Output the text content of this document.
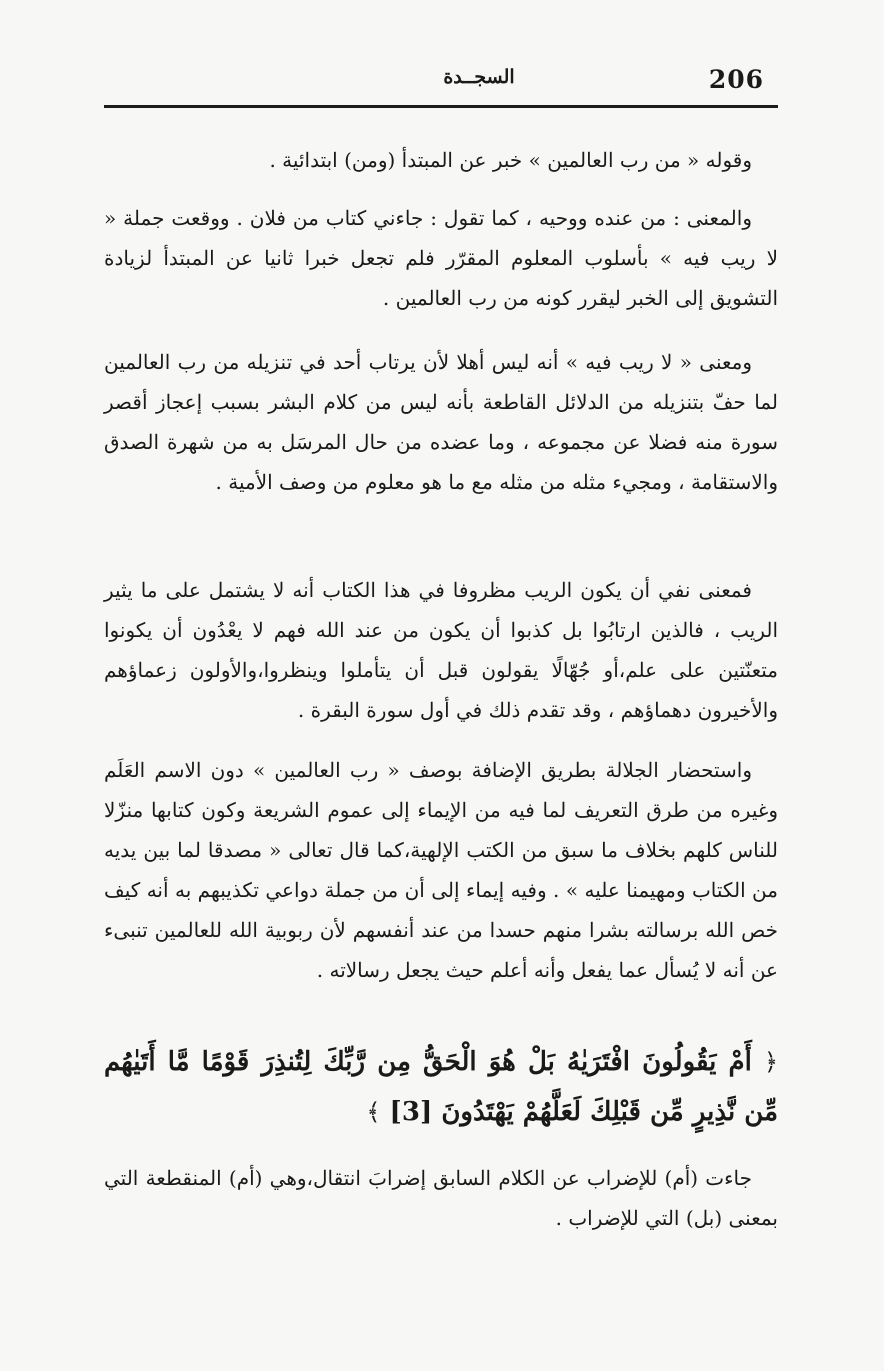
206
السجــدة

وقوله « من رب العالمين » خبر عن المبتدأ (ومن) ابتدائية .

والمعنى : من عنده ووحيه ، كما تقول : جاءني كتاب من فلان . ووقعت جملة « لا ريب فيه » بأسلوب المعلوم المقرّر فلم تجعل خبرا ثانيا عن المبتدأ لزيادة التشويق إلى الخبر ليقرر كونه من رب العالمين .

ومعنى « لا ريب فيه » أنه ليس أهلا لأن يرتاب أحد في تنزيله من رب العالمين لما حفّ بتنزيله من الدلائل القاطعة بأنه ليس من كلام البشر بسبب إعجاز أقصر سورة منه فضلا عن مجموعه ، وما عضده من حال المرسَل به من شهرة الصدق والاستقامة ، ومجيء مثله من مثله مع ما هو معلوم من وصف الأمية .

فمعنى نفي أن يكون الريب مظروفا في هذا الكتاب أنه لا يشتمل على ما يثير الريب ، فالذين ارتابُوا بل كذبوا أن يكون من عند الله فهم لا يعْدُون أن يكونوا متعنّتين على علم،أو جُهّالًا يقولون قبل أن يتأملوا وينظروا،والأولون زعماؤهم والأخيرون دهماؤهم ، وقد تقدم ذلك في أول سورة البقرة .

واستحضار الجلالة بطريق الإضافة بوصف « رب العالمين » دون الاسم العَلَم وغيره من طرق التعريف لما فيه من الإيماء إلى عموم الشريعة وكون كتابها منزّلا للناس كلهم بخلاف ما سبق من الكتب الإلهية،كما قال تعالى « مصدقا لما بين يديه من الكتاب ومهيمنا عليه » . وفيه إيماء إلى أن من جملة دواعي تكذيبهم به أنه كيف خص الله برسالته بشرا منهم حسدا من عند أنفسهم لأن ربوبية الله للعالمين تنبىء عن أنه لا يُسأل عما يفعل وأنه أعلم حيث يجعل رسالاته .

﴿ أَمْ يَقُولُونَ افْتَرَيٰهُ بَلْ هُوَ الْحَقُّ مِن رَّبِّكَ لِتُنذِرَ قَوْمًا مَّا أَتَيٰهُم مِّن نَّذِيرٍ مِّن قَبْلِكَ لَعَلَّهُمْ يَهْتَدُونَ [3] ﴾

جاءت (أم) للإضراب عن الكلام السابق إضرابَ انتقال،وهي (أم) المنقطعة التي بمعنى (بل) التي للإضراب .
